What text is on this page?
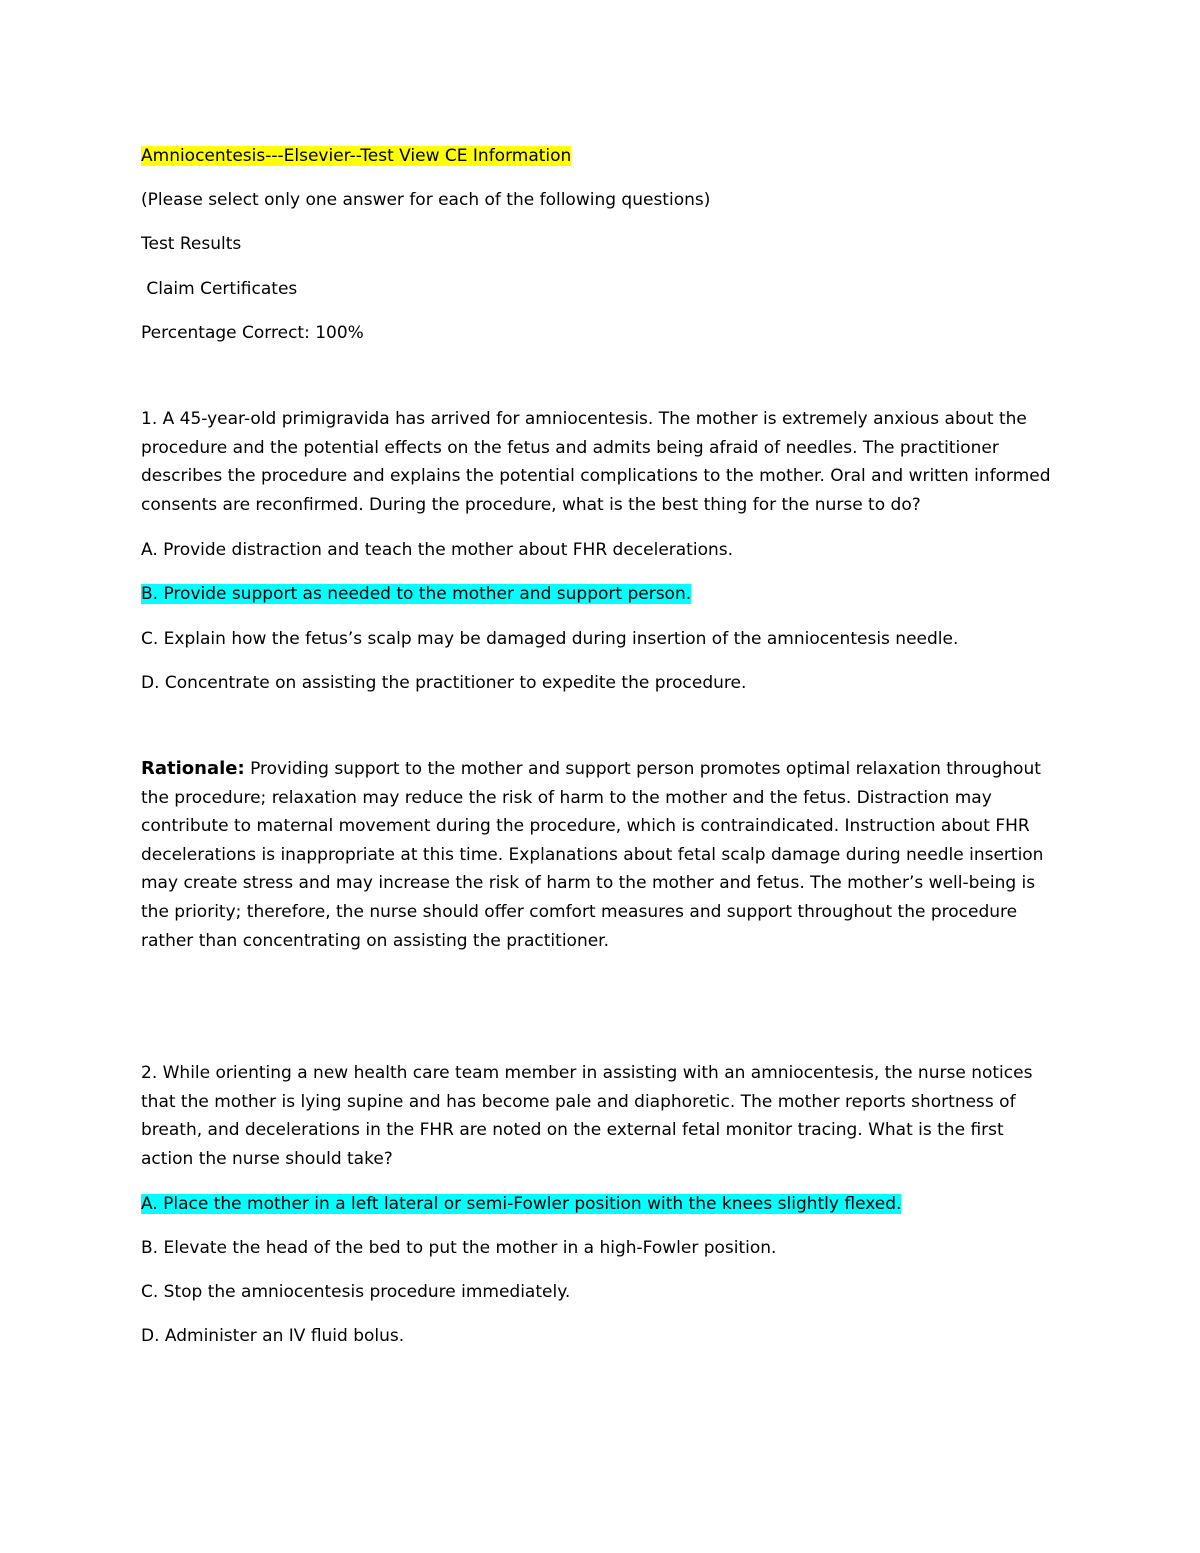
Amniocentesis---Elsevier--Test View CE Information
(Please select only one answer for each of the following questions)
Test Results
Claim Certificates
Percentage Correct: 100%

1. A 45-year-old primigravida has arrived for amniocentesis. The mother is extremely anxious about the procedure and the potential effects on the fetus and admits being afraid of needles. The practitioner describes the procedure and explains the potential complications to the mother. Oral and written informed consents are reconfirmed. During the procedure, what is the best thing for the nurse to do?

A. Provide distraction and teach the mother about FHR decelerations.
B. Provide support as needed to the mother and support person.
C. Explain how the fetus’s scalp may be damaged during insertion of the amniocentesis needle.
D. Concentrate on assisting the practitioner to expedite the procedure.

Rationale: Providing support to the mother and support person promotes optimal relaxation throughout the procedure; relaxation may reduce the risk of harm to the mother and the fetus. Distraction may contribute to maternal movement during the procedure, which is contraindicated. Instruction about FHR decelerations is inappropriate at this time. Explanations about fetal scalp damage during needle insertion may create stress and may increase the risk of harm to the mother and fetus. The mother’s well-being is the priority; therefore, the nurse should offer comfort measures and support throughout the procedure rather than concentrating on assisting the practitioner.

2. While orienting a new health care team member in assisting with an amniocentesis, the nurse notices that the mother is lying supine and has become pale and diaphoretic. The mother reports shortness of breath, and decelerations in the FHR are noted on the external fetal monitor tracing. What is the first action the nurse should take?

A. Place the mother in a left lateral or semi-Fowler position with the knees slightly flexed.
B. Elevate the head of the bed to put the mother in a high-Fowler position.
C. Stop the amniocentesis procedure immediately.
D. Administer an IV fluid bolus.
